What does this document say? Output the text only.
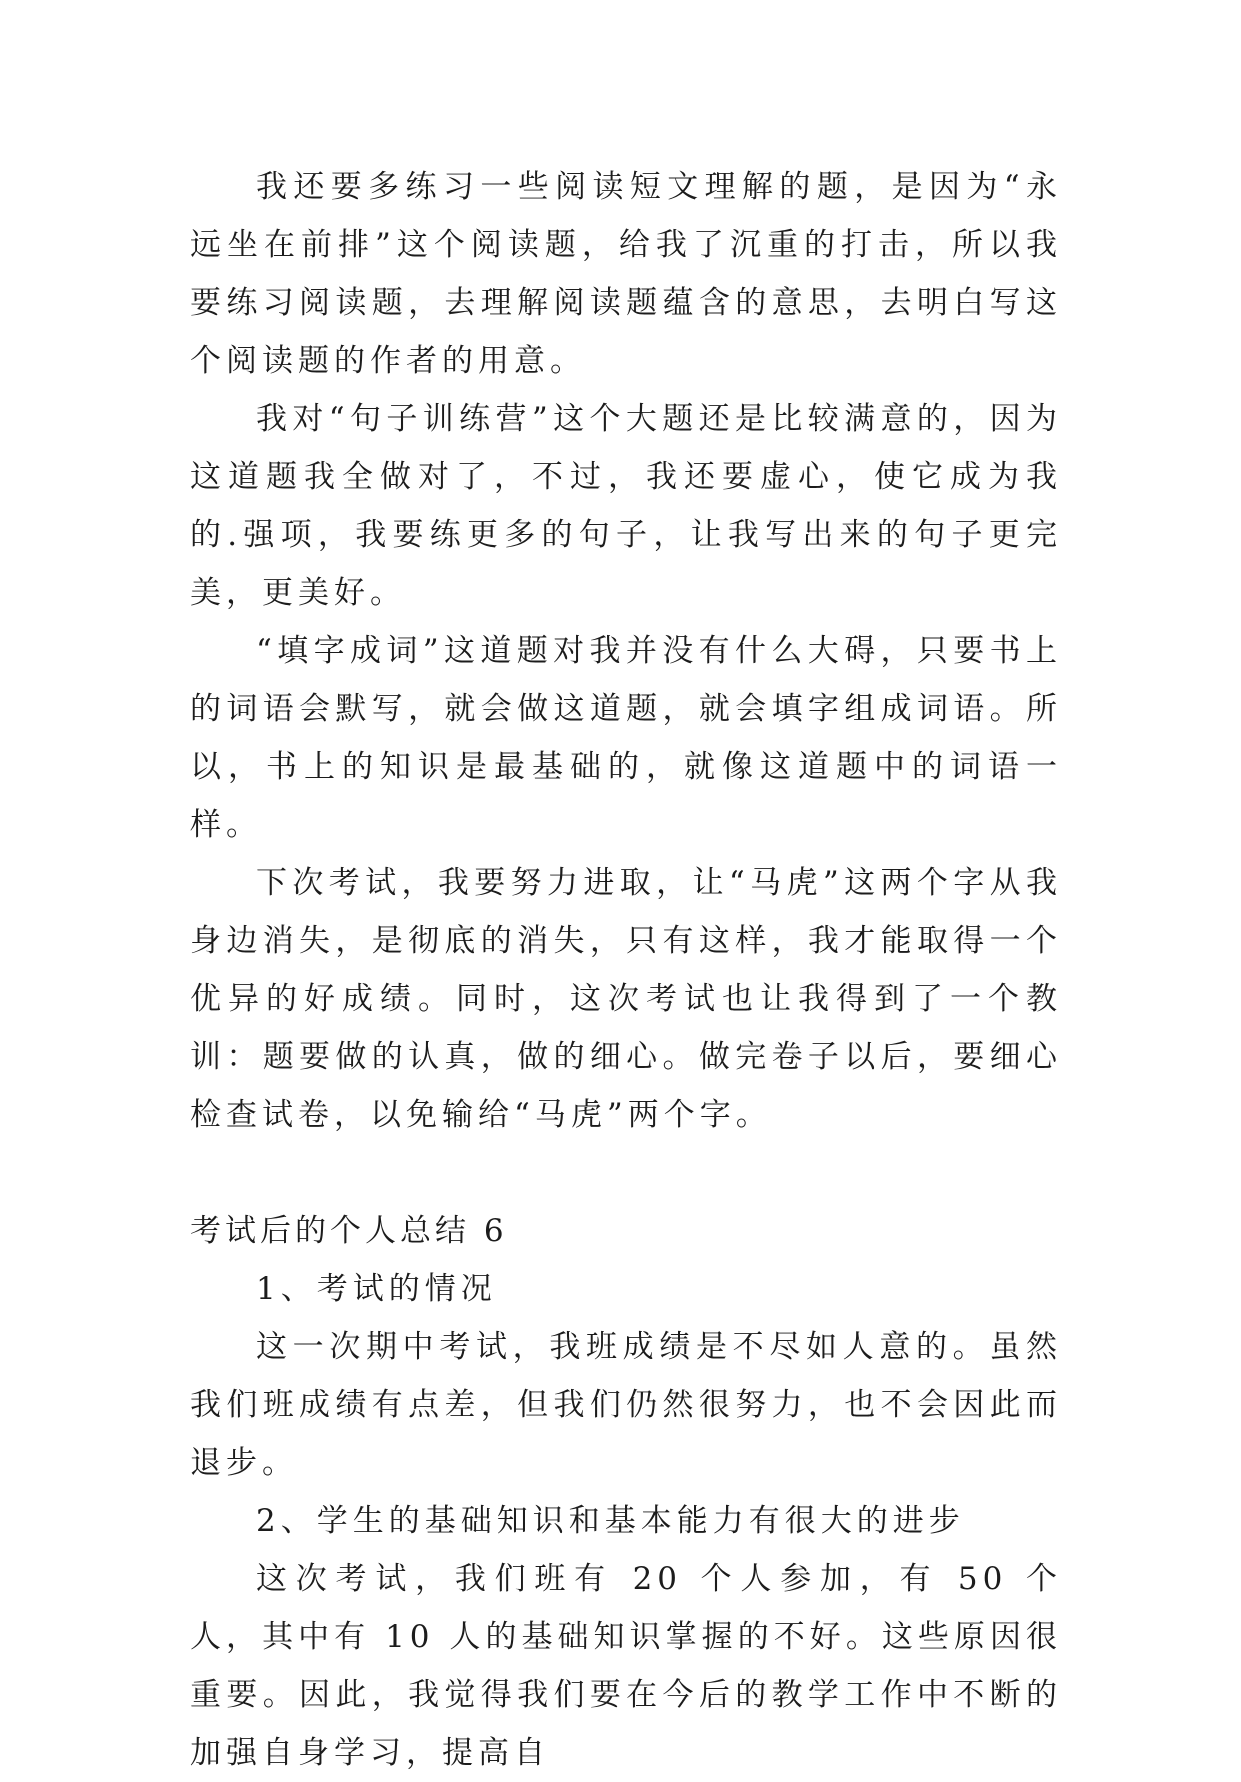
我还要多练习一些阅读短文理解的题，是因为“永远坐在前排”这个阅读题，给我了沉重的打击，所以我要练习阅读题，去理解阅读题蕴含的意思，去明白写这个阅读题的作者的用意。

我对“句子训练营”这个大题还是比较满意的，因为这道题我全做对了，不过，我还要虚心，使它成为我的.强项，我要练更多的句子，让我写出来的句子更完美，更美好。

“填字成词”这道题对我并没有什么大碍，只要书上的词语会默写，就会做这道题，就会填字组成词语。所以，书上的知识是最基础的，就像这道题中的词语一样。

下次考试，我要努力进取，让“马虎”这两个字从我身边消失，是彻底的消失，只有这样，我才能取得一个优异的好成绩。同时，这次考试也让我得到了一个教训：题要做的认真，做的细心。做完卷子以后，要细心检查试卷，以免输给“马虎”两个字。

考试后的个人总结 6

1、考试的情况

这一次期中考试，我班成绩是不尽如人意的。虽然我们班成绩有点差，但我们仍然很努力，也不会因此而退步。

2、学生的基础知识和基本能力有很大的进步

这次考试，我们班有 20 个人参加，有 50 个人，其中有 10 人的基础知识掌握的不好。这些原因很重要。因此，我觉得我们要在今后的教学工作中不断的加强自身学习，提高自
